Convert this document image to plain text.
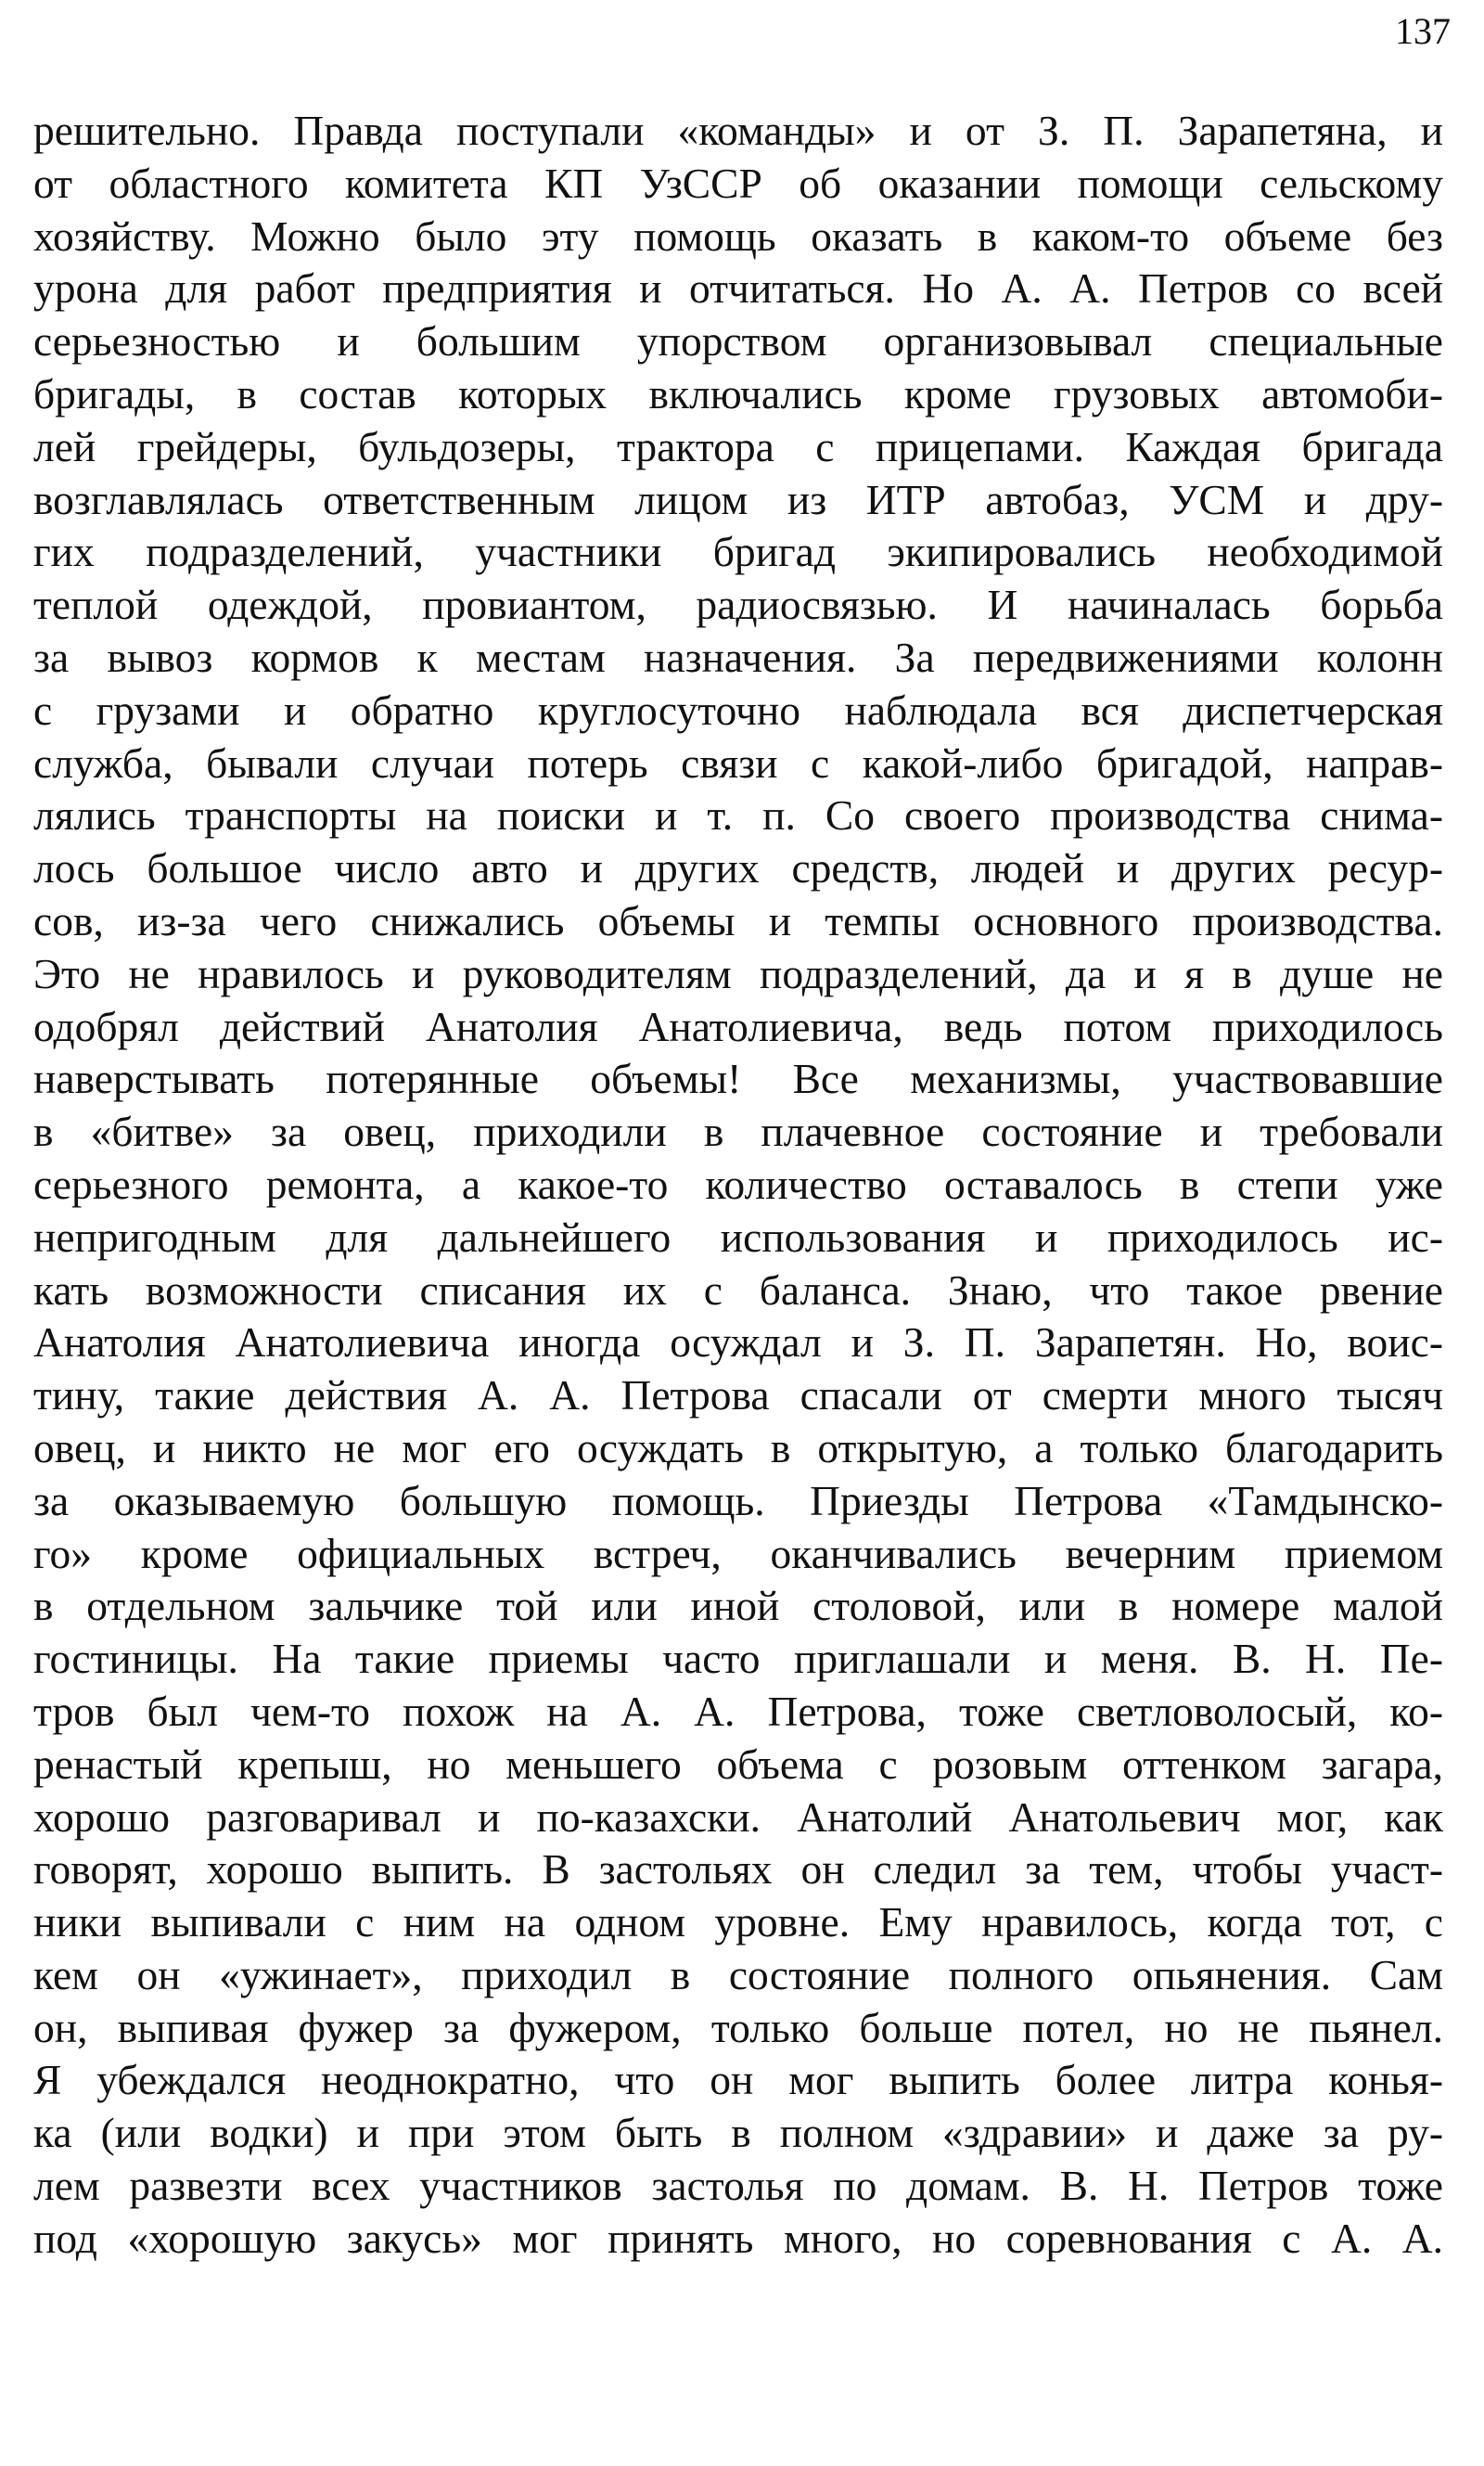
137
решительно. Правда поступали «команды» и от З. П. Зарапетяна, и
от областного комитета КП УзССР об оказании помощи сельскому
хозяйству. Можно было эту помощь оказать в каком-то объеме без
урона для работ предприятия и отчитаться. Но А. А. Петров со всей
серьезностью и большим упорством организовывал специальные
бригады, в состав которых включались кроме грузовых автомоби-
лей грейдеры, бульдозеры, трактора с прицепами. Каждая бригада
возглавлялась ответственным лицом из ИТР автобаз, УСМ и дру-
гих подразделений, участники бригад экипировались необходимой
теплой одеждой, провиантом, радиосвязью. И начиналась борьба
за вывоз кормов к местам назначения. За передвижениями колонн
с грузами и обратно круглосуточно наблюдала вся диспетчерская
служба, бывали случаи потерь связи с какой-либо бригадой, направ-
лялись транспорты на поиски и т. п. Со своего производства снима-
лось большое число авто и других средств, людей и других ресур-
сов, из-за чего снижались объемы и темпы основного производства.
Это не нравилось и руководителям подразделений, да и я в душе не
одобрял действий Анатолия Анатолиевича, ведь потом приходилось
наверстывать потерянные объемы! Все механизмы, участвовавшие
в «битве» за овец, приходили в плачевное состояние и требовали
серьезного ремонта, а какое-то количество оставалось в степи уже
непригодным для дальнейшего использования и приходилось ис-
кать возможности списания их с баланса. Знаю, что такое рвение
Анатолия Анатолиевича иногда осуждал и З. П. Зарапетян. Но, воис-
тину, такие действия А. А. Петрова спасали от смерти много тысяч
овец, и никто не мог его осуждать в открытую, а только благодарить
за оказываемую большую помощь. Приезды Петрова «Тамдынско-
го» кроме официальных встреч, оканчивались вечерним приемом
в отдельном зальчике той или иной столовой, или в номере малой
гостиницы. На такие приемы часто приглашали и меня. В. Н. Пе-
тров был чем-то похож на А. А. Петрова, тоже светловолосый, ко-
ренастый крепыш, но меньшего объема с розовым оттенком загара,
хорошо разговаривал и по-казахски. Анатолий Анатольевич мог, как
говорят, хорошо выпить. В застольях он следил за тем, чтобы участ-
ники выпивали с ним на одном уровне. Ему нравилось, когда тот, с
кем он «ужинает», приходил в состояние полного опьянения. Сам
он, выпивая фужер за фужером, только больше потел, но не пьянел.
Я убеждался неоднократно, что он мог выпить более литра конья-
ка (или водки) и при этом быть в полном «здравии» и даже за ру-
лем развезти всех участников застолья по домам. В. Н. Петров тоже
под «хорошую закусь» мог принять много, но соревнования с А. А.
